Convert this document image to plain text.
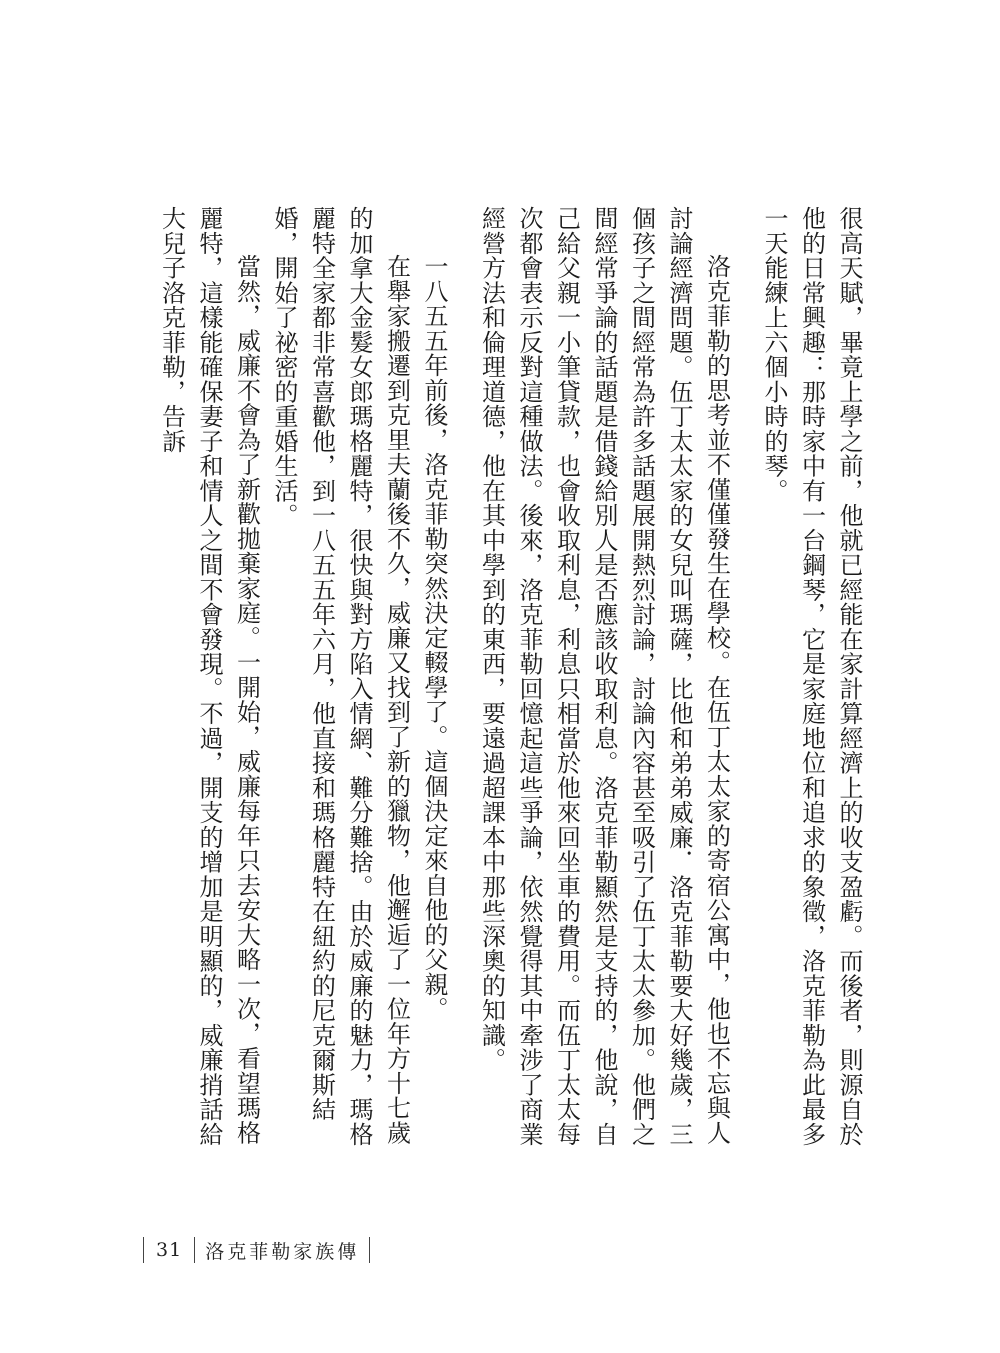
很高天賦，畢竟上學之前，他就已經能在家計算經濟上的收支盈虧。而後者，則源自於他的日常興趣：那時家中有一台鋼琴，它是家庭地位和追求的象徵，洛克菲勒為此最多一天能練上六個小時的琴。

洛克菲勒的思考並不僅僅發生在學校。在伍丁太太家的寄宿公寓中，他也不忘與人討論經濟問題。伍丁太太家的女兒叫瑪薩，比他和弟弟威廉．洛克菲勒要大好幾歲，三個孩子之間經常為許多話題展開熱烈討論，討論內容甚至吸引了伍丁太太參加。他們之間經常爭論的話題是借錢給別人是否應該收取利息。洛克菲勒顯然是支持的，他說，自己給父親一小筆貸款，也會收取利息，利息只相當於他來回坐車的費用。而伍丁太太每次都會表示反對這種做法。後來，洛克菲勒回憶起這些爭論，依然覺得其中牽涉了商業經營方法和倫理道德，他在其中學到的東西，要遠過超課本中那些深奧的知識。

一八五五年前後，洛克菲勒突然決定輟學了。這個決定來自他的父親。

在舉家搬遷到克里夫蘭後不久，威廉又找到了新的獵物，他邂逅了一位年方十七歲的加拿大金髮女郎瑪格麗特，很快與對方陷入情網、難分難捨。由於威廉的魅力，瑪格麗特全家都非常喜歡他，到一八五五年六月，他直接和瑪格麗特在紐約的尼克爾斯結婚，開始了祕密的重婚生活。

當然，威廉不會為了新歡拋棄家庭。一開始，威廉每年只去安大略一次，看望瑪格麗特，這樣能確保妻子和情人之間不會發現。不過，開支的增加是明顯的，威廉捎話給大兒子洛克菲勒，告訴

31 洛克菲勒家族傳
